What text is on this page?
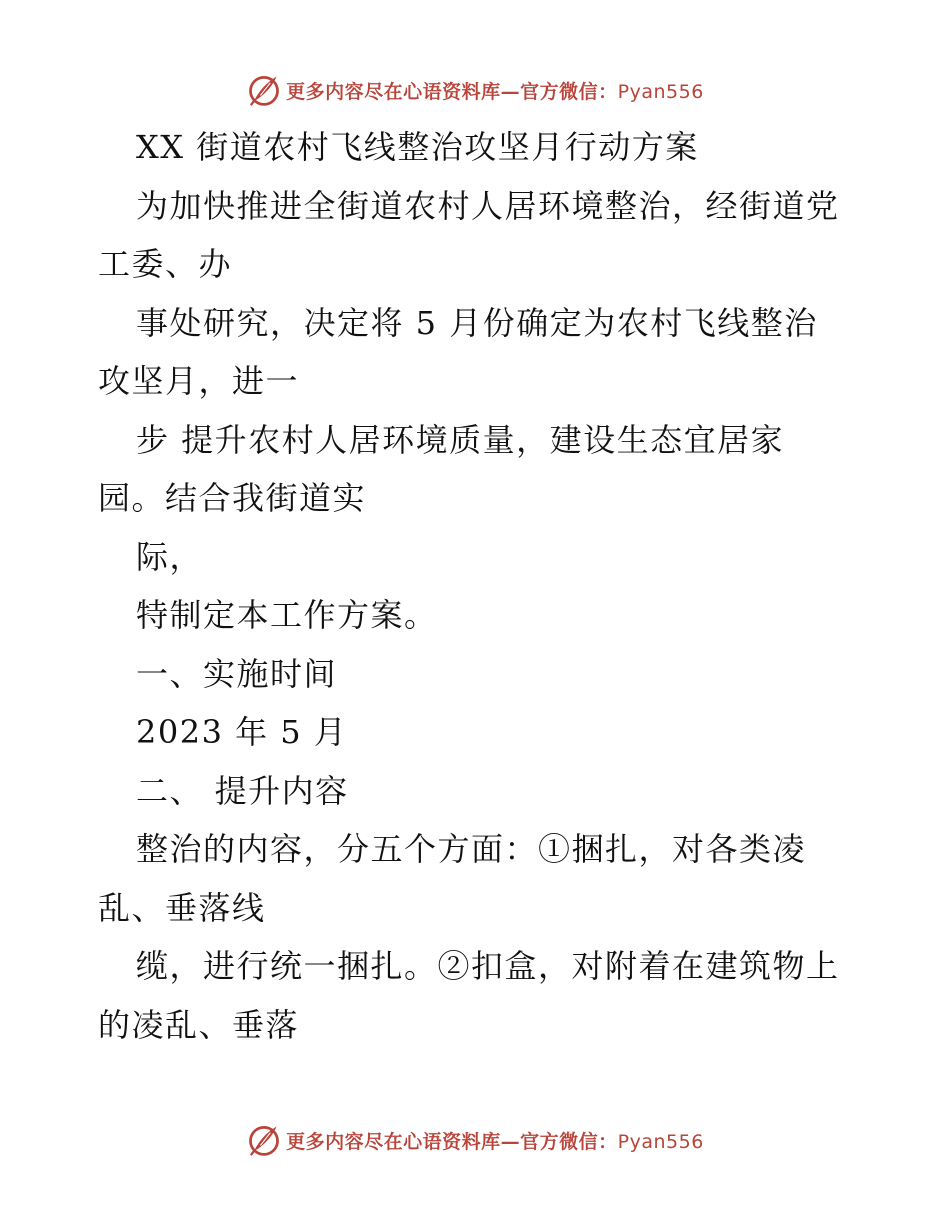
更多内容尽在心语资料库—官方微信：Pyan556
XX 街道农村飞线整治攻坚月行动方案
为加快推进全街道农村人居环境整治，经街道党
工委、办
事处研究，决定将 5 月份确定为农村飞线整治
攻坚月，进一
步 提升农村人居环境质量，建设生态宜居家
园。结合我街道实
际，
特制定本工作方案。
一、实施时间
2023 年 5 月
二、 提升内容
整治的内容，分五个方面：①捆扎，对各类凌
乱、垂落线
缆，进行统一捆扎。②扣盒，对附着在建筑物上
的凌乱、垂落
更多内容尽在心语资料库—官方微信：Pyan556
